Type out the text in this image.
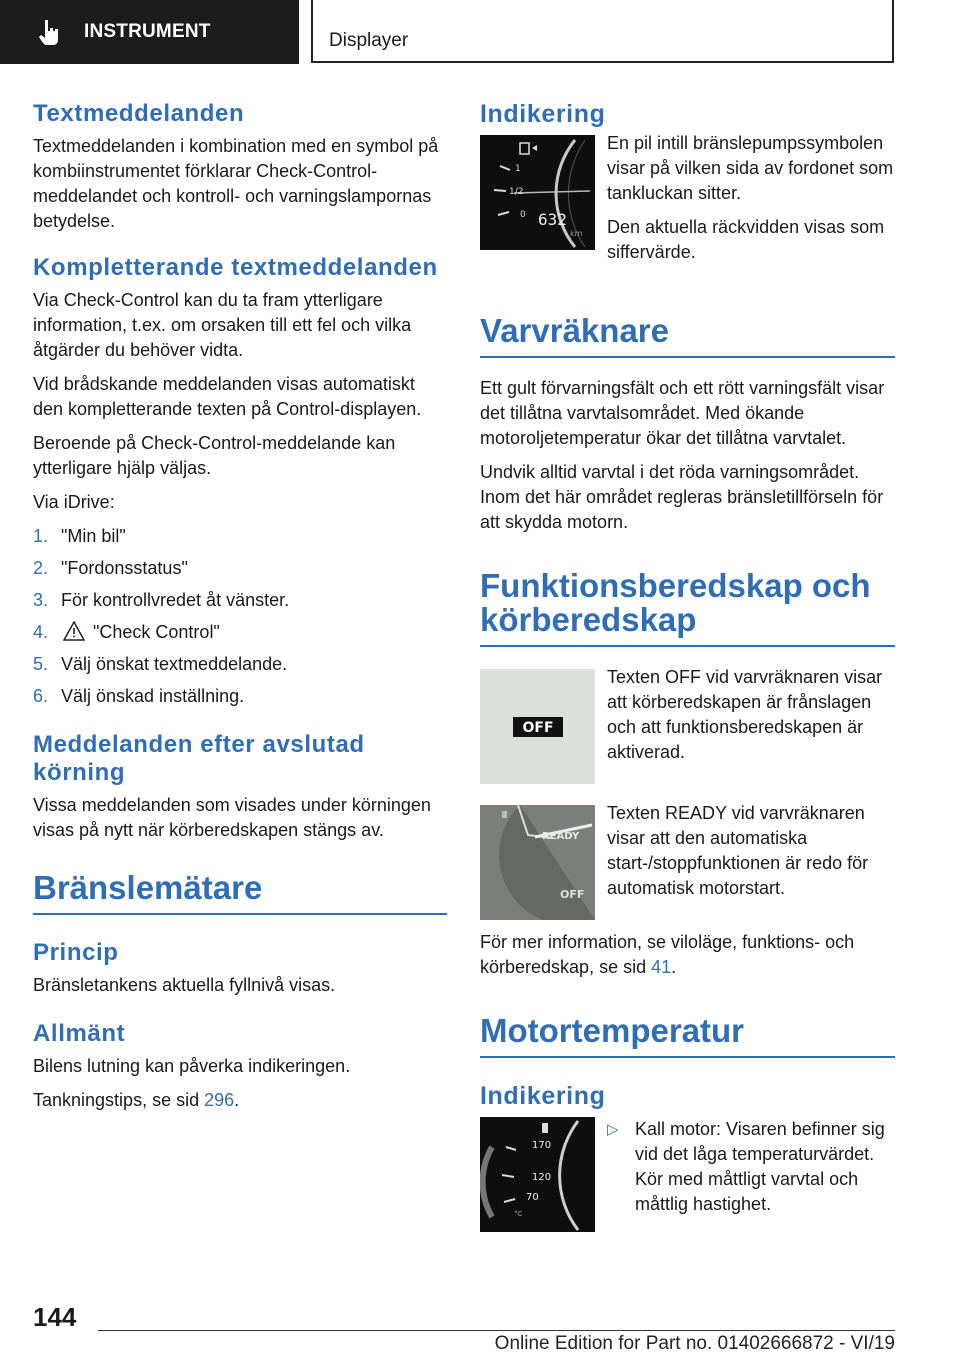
INSTRUMENT	Displayer
Textmeddelanden

Textmeddelanden i kombination med en symbol på kombiinstrumentet förklarar Check-Control-meddelandet och kontroll- och varningslampornas betydelse.

Kompletterande textmeddelanden

Via Check-Control kan du ta fram ytterligare information, t.ex. om orsaken till ett fel och vilka åtgärder du behöver vidta.

Vid brådskande meddelanden visas automatiskt den kompletterande texten på Control-displayen.

Beroende på Check-Control-meddelande kan ytterligare hjälp väljas.

Via iDrive:

1. "Min bil"
2. "Fordonsstatus"
3. För kontrollvredet åt vänster.
4.	"Check Control"
5. Välj önskat textmeddelande.
6. Välj önskad inställning.
Meddelanden efter avslutad körning

Vissa meddelanden som visades under körningen visas på nytt när körberedskapen stängs av.

Bränslemätare
Princip

Bränsletankens aktuella fyllnivå visas.

Allmänt

Bilens lutning kan påverka indikeringen.

Tankningstips, se sid 296.

Indikering
1
1/2
0 632
km

En pil intill bränslepumpssymbolen visar på vilken sida av fordonet som tankluckan sitter.

Den aktuella räckvidden visas som siffervärde.

Varvräknare

Ett gult förvarningsfält och ett rött varningsfält visar det tillåtna varvtalsområdet. Med ökande motoroljetemperatur ökar det tillåtna varvtalet.

Undvik alltid varvtal i det röda varningsområdet. Inom det här området regleras bränsletillförseln för att skydda motorn.

Funktionsberedskap och körberedskap
OFF

Texten OFF vid varvräknaren visar att körberedskapen är frånslagen och att funktionsberedskapen är aktiverad.

READY
OFF

Texten READY vid varvräknaren visar att den automatiska start-/stoppfunktionen är redo för automatisk motorstart.

För mer information, se viloläge, funktions- och körberedskap, se sid 41.

Motortemperatur
Indikering
170
120
70
°C
▷ Kall motor: Visaren befinner sig vid det låga temperaturvärdet. Kör med måttligt varvtal och måttlig hastighet.
144
Online Edition for Part no. 01402666872 - VI/19
